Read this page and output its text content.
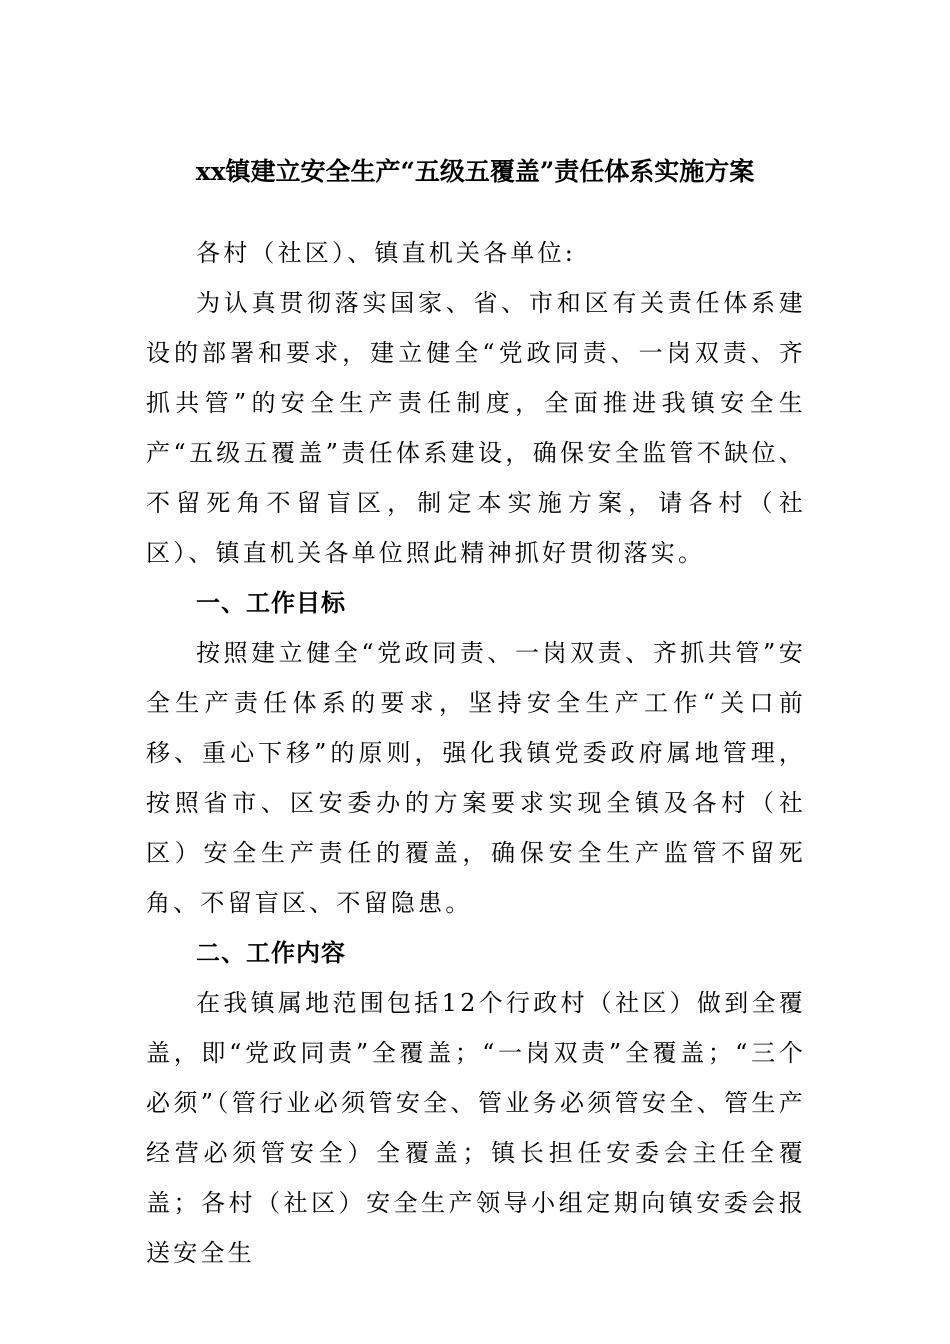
xx镇建立安全生产“五级五覆盖”责任体系实施方案

各村（社区）、镇直机关各单位:

为认真贯彻落实国家、省、市和区有关责任体系建设的部署和要求，建立健全“党政同责、一岗双责、齐抓共管”的安全生产责任制度，全面推进我镇安全生产“五级五覆盖”责任体系建设，确保安全监管不缺位、不留死角不留盲区，制定本实施方案，请各村（社区）、镇直机关各单位照此精神抓好贯彻落实。

一、工作目标

按照建立健全“党政同责、一岗双责、齐抓共管”安全生产责任体系的要求，坚持安全生产工作“关口前移、重心下移”的原则，强化我镇党委政府属地管理，按照省市、区安委办的方案要求实现全镇及各村（社区）安全生产责任的覆盖，确保安全生产监管不留死角、不留盲区、不留隐患。

二、工作内容

在我镇属地范围包括12个行政村（社区）做到全覆盖，即“党政同责”全覆盖；“一岗双责”全覆盖；“三个必须”（管行业必须管安全、管业务必须管安全、管生产经营必须管安全）全覆盖；镇长担任安委会主任全覆盖；各村（社区）安全生产领导小组定期向镇安委会报送安全生
